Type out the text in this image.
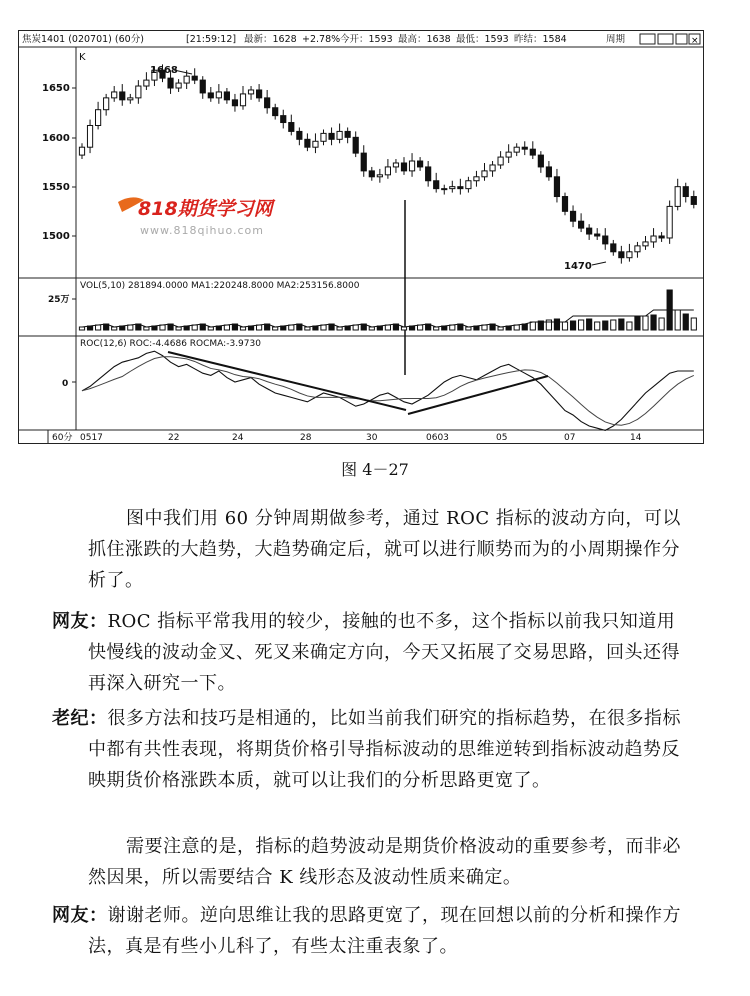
焦炭1401 (020701) (60分)	[21:59:12] 最新：1628 +2.78% 今开：1593 最高：1638 最低：1593 昨结：1584	周期	×
K
1650
1600
1550
1500
1668
1470
818期货学习网
www.818qihuo.com
VOL(5,10) 281894.0000 MA1:220248.8000 MA2:253156.8000
25万
ROC(12,6) ROC:-4.4686 ROCMA:-3.9730
0
60分 0517	22	24	28	30	0603	05	07	14
图 4－27
图中我们用 60 分钟周期做参考，通过 ROC 指标的波动方向，可以抓住涨跌的大趋势，大趋势确定后，就可以进行顺势而为的小周期操作分析了。
网友：ROC 指标平常我用的较少，接触的也不多，这个指标以前我只知道用快慢线的波动金叉、死叉来确定方向，今天又拓展了交易思路，回头还得再深入研究一下。
老纪：很多方法和技巧是相通的，比如当前我们研究的指标趋势，在很多指标中都有共性表现，将期货价格引导指标波动的思维逆转到指标波动趋势反映期货价格涨跌本质，就可以让我们的分析思路更宽了。
需要注意的是，指标的趋势波动是期货价格波动的重要参考，而非必然因果，所以需要结合 K 线形态及波动性质来确定。
网友：谢谢老师。逆向思维让我的思路更宽了，现在回想以前的分析和操作方法，真是有些小儿科了，有些太注重表象了。
